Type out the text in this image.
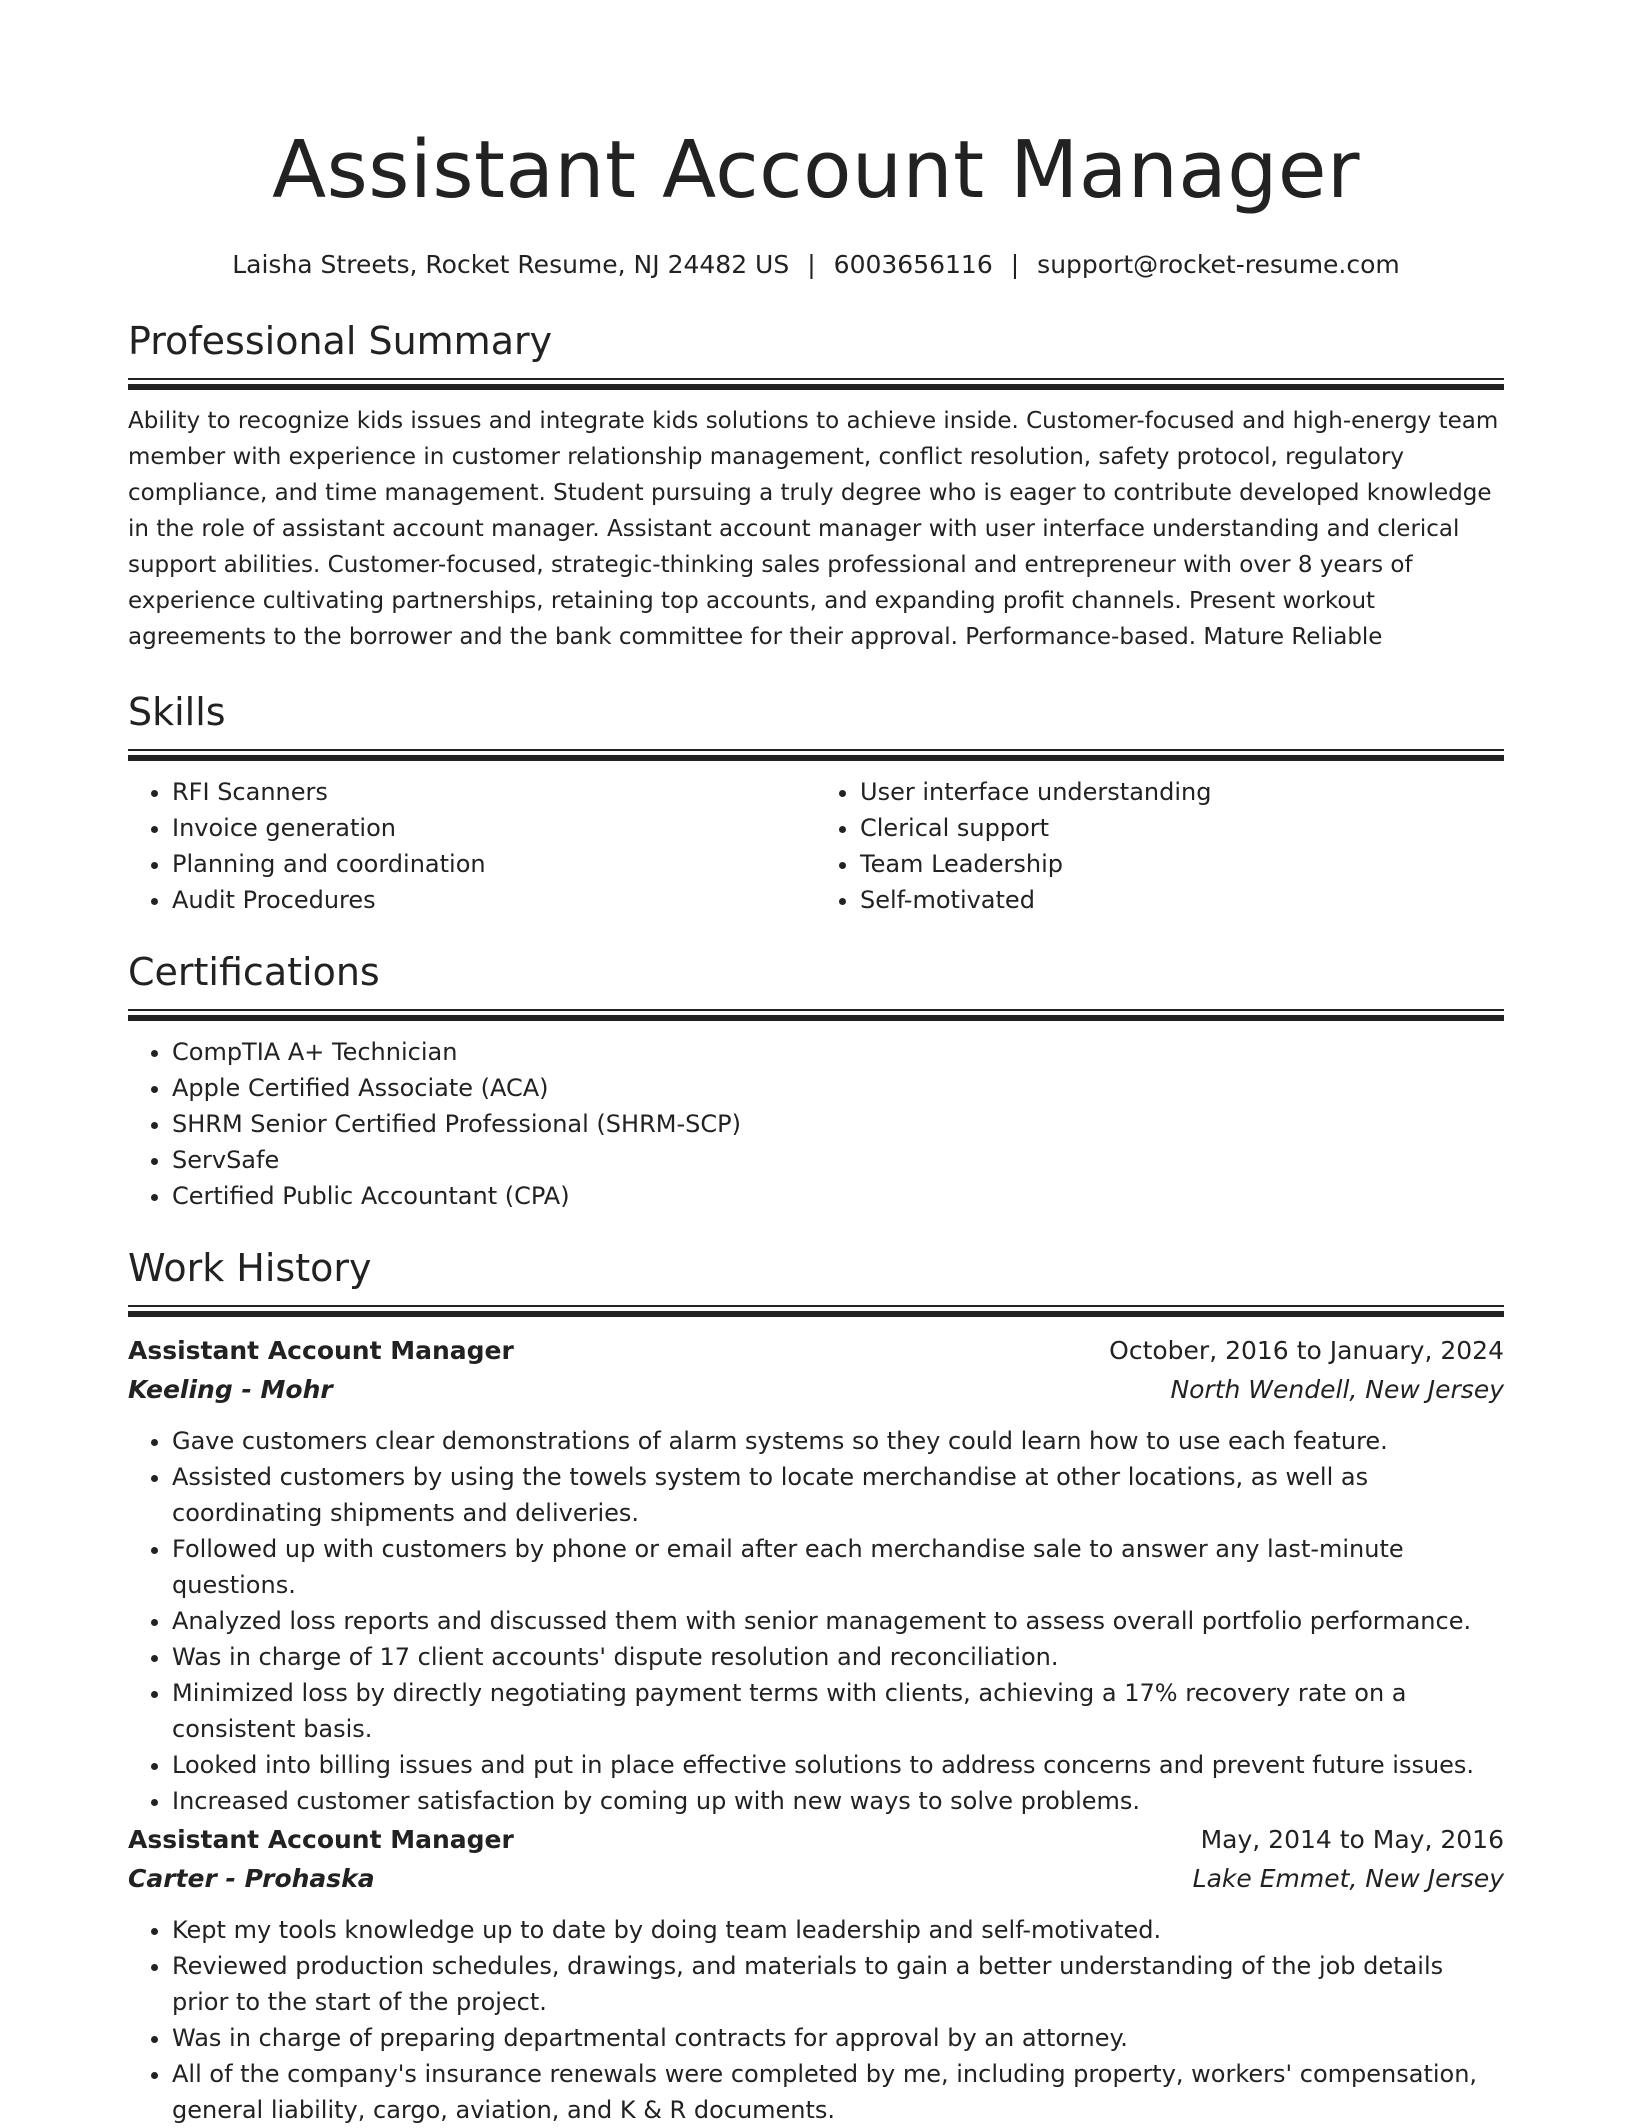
Assistant Account Manager
Laisha Streets, Rocket Resume, NJ 24482 US | 6003656116 | support@rocket-resume.com
Professional Summary

Ability to recognize kids issues and integrate kids solutions to achieve inside. Customer-focused and high-energy team member with experience in customer relationship management, conflict resolution, safety protocol, regulatory compliance, and time management. Student pursuing a truly degree who is eager to contribute developed knowledge in the role of assistant account manager. Assistant account manager with user interface understanding and clerical support abilities. Customer-focused, strategic-thinking sales professional and entrepreneur with over 8 years of experience cultivating partnerships, retaining top accounts, and expanding profit channels. Present workout agreements to the borrower and the bank committee for their approval. Performance-based. Mature Reliable

Skills
• RFI Scanners
• Invoice generation
• Planning and coordination
• Audit Procedures
• User interface understanding
• Clerical support
• Team Leadership
• Self-motivated
Certifications
• CompTIA A+ Technician
• Apple Certified Associate (ACA)
• SHRM Senior Certified Professional (SHRM-SCP)
• ServSafe
• Certified Public Accountant (CPA)
Work History
Assistant Account Manager	October, 2016 to January, 2024
Keeling - Mohr	North Wendell, New Jersey
• Gave customers clear demonstrations of alarm systems so they could learn how to use each feature.
• Assisted customers by using the towels system to locate merchandise at other locations, as well as coordinating shipments and deliveries.
• Followed up with customers by phone or email after each merchandise sale to answer any last-minute questions.
• Analyzed loss reports and discussed them with senior management to assess overall portfolio performance.
• Was in charge of 17 client accounts' dispute resolution and reconciliation.
• Minimized loss by directly negotiating payment terms with clients, achieving a 17% recovery rate on a consistent basis.
• Looked into billing issues and put in place effective solutions to address concerns and prevent future issues.
• Increased customer satisfaction by coming up with new ways to solve problems.
Assistant Account Manager	May, 2014 to May, 2016
Carter - Prohaska	Lake Emmet, New Jersey
• Kept my tools knowledge up to date by doing team leadership and self-motivated.
• Reviewed production schedules, drawings, and materials to gain a better understanding of the job details prior to the start of the project.
• Was in charge of preparing departmental contracts for approval by an attorney.
• All of the company's insurance renewals were completed by me, including property, workers' compensation, general liability, cargo, aviation, and K & R documents.
